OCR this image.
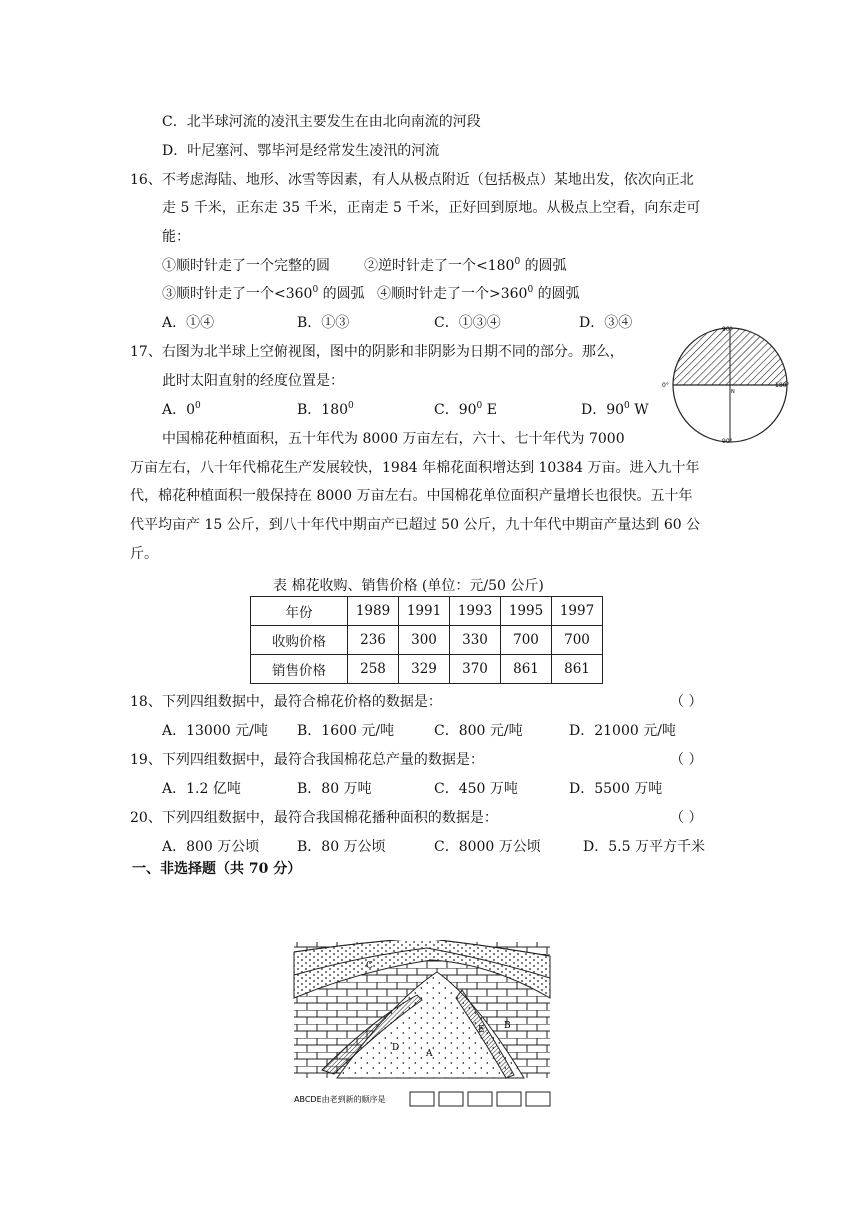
C．北半球河流的凌汛主要发生在由北向南流的河段
D．叶尼塞河、鄂毕河是经常发生凌汛的河流
16、不考虑海陆、地形、冰雪等因素，有人从极点附近（包括极点）某地出发，依次向正北
走 5 千米，正东走 35 千米，正南走 5 千米，正好回到原地。从极点上空看，向东走可
能：
①顺时针走了一个完整的圆 ②逆时针走了一个$<180^0$ 的圆弧
③顺时针走了一个$<360^0$ 的圆弧 ④顺时针走了一个$>360^0$ 的圆弧
A．①④	B．①③	C．①③④	D．③④
17、右图为北半球上空俯视图，图中的阴影和非阴影为日期不同的部分。那么，
此时太阳直射的经度位置是：
A．$0^0$	B．$180^0$	C．$90^0$ E	D．$90^0$ W
90°
90°
0°	180°
N
中国棉花种植面积，五十年代为 8000 万亩左右，六十、七十年代为 7000
万亩左右，八十年代棉花生产发展较快，1984 年棉花面积增达到 10384 万亩。进入九十年
代，棉花种植面积一般保持在 8000 万亩左右。中国棉花单位面积产量增长也很快。五十年
代平均亩产 15 公斤，到八十年代中期亩产已超过 50 公斤，九十年代中期亩产量达到 60 公
斤。
表 棉花收购、销售价格 (单位：元/50 公斤)
年份	1989	1991	1993	1995	1997
收购价格	236	300	330	700	700
销售价格	258	329	370	861	861
18、下列四组数据中，最符合棉花价格的数据是：	（ ）
A．13000 元/吨 B．1600 元/吨	C．800 元/吨	D．21000 元/吨
19、下列四组数据中，最符合我国棉花总产量的数据是：	（ ）
A．1.2 亿吨	B．80 万吨	C．450 万吨	D．5500 万吨
20、下列四组数据中，最符合我国棉花播种面积的数据是：	（ ）
A．800 万公顷	B．80 万公顷	C．8000 万公顷	D．5.5 万平方千米
一、非选择题（共 70 分）
C
E B
D
A
ABCDE由老到新的顺序是
